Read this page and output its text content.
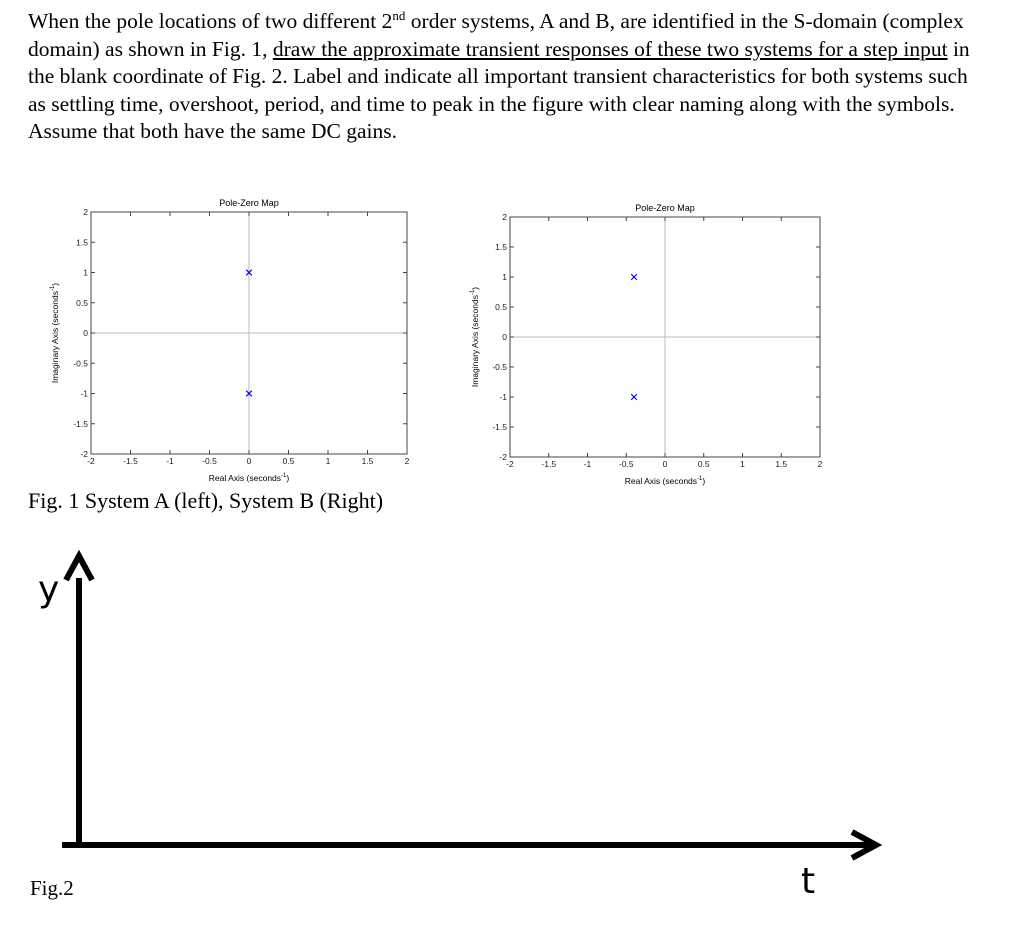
When the pole locations of two different 2nd order systems, A and B, are identified in the S-domain (complex domain) as shown in Fig. 1, draw the approximate transient responses of these two systems for a step input in the blank coordinate of Fig. 2. Label and indicate all important transient characteristics for both systems such as settling time, overshoot, period, and time to peak in the figure with clear naming along with the symbols. Assume that both have the same DC gains.

-2	-1.5	-1	-0.5	0	0.5	1	1.5	2
-2
-1.5
-1
-0.5
0
0.5
1
1.5
2
Pole-Zero Map
Real Axis (seconds$^{-1}$)
Imaginary Axis (seconds$^{-1}$)
-2	-1.5	-1	-0.5	0	0.5	1	1.5	2
-2
-1.5
-1
-0.5
0
0.5
1
1.5
2
Pole-Zero Map
Real Axis (seconds$^{-1}$)
Imaginary Axis (seconds$^{-1}$)

Fig. 1 System A (left), System B (Right)

y
t

Fig.2
